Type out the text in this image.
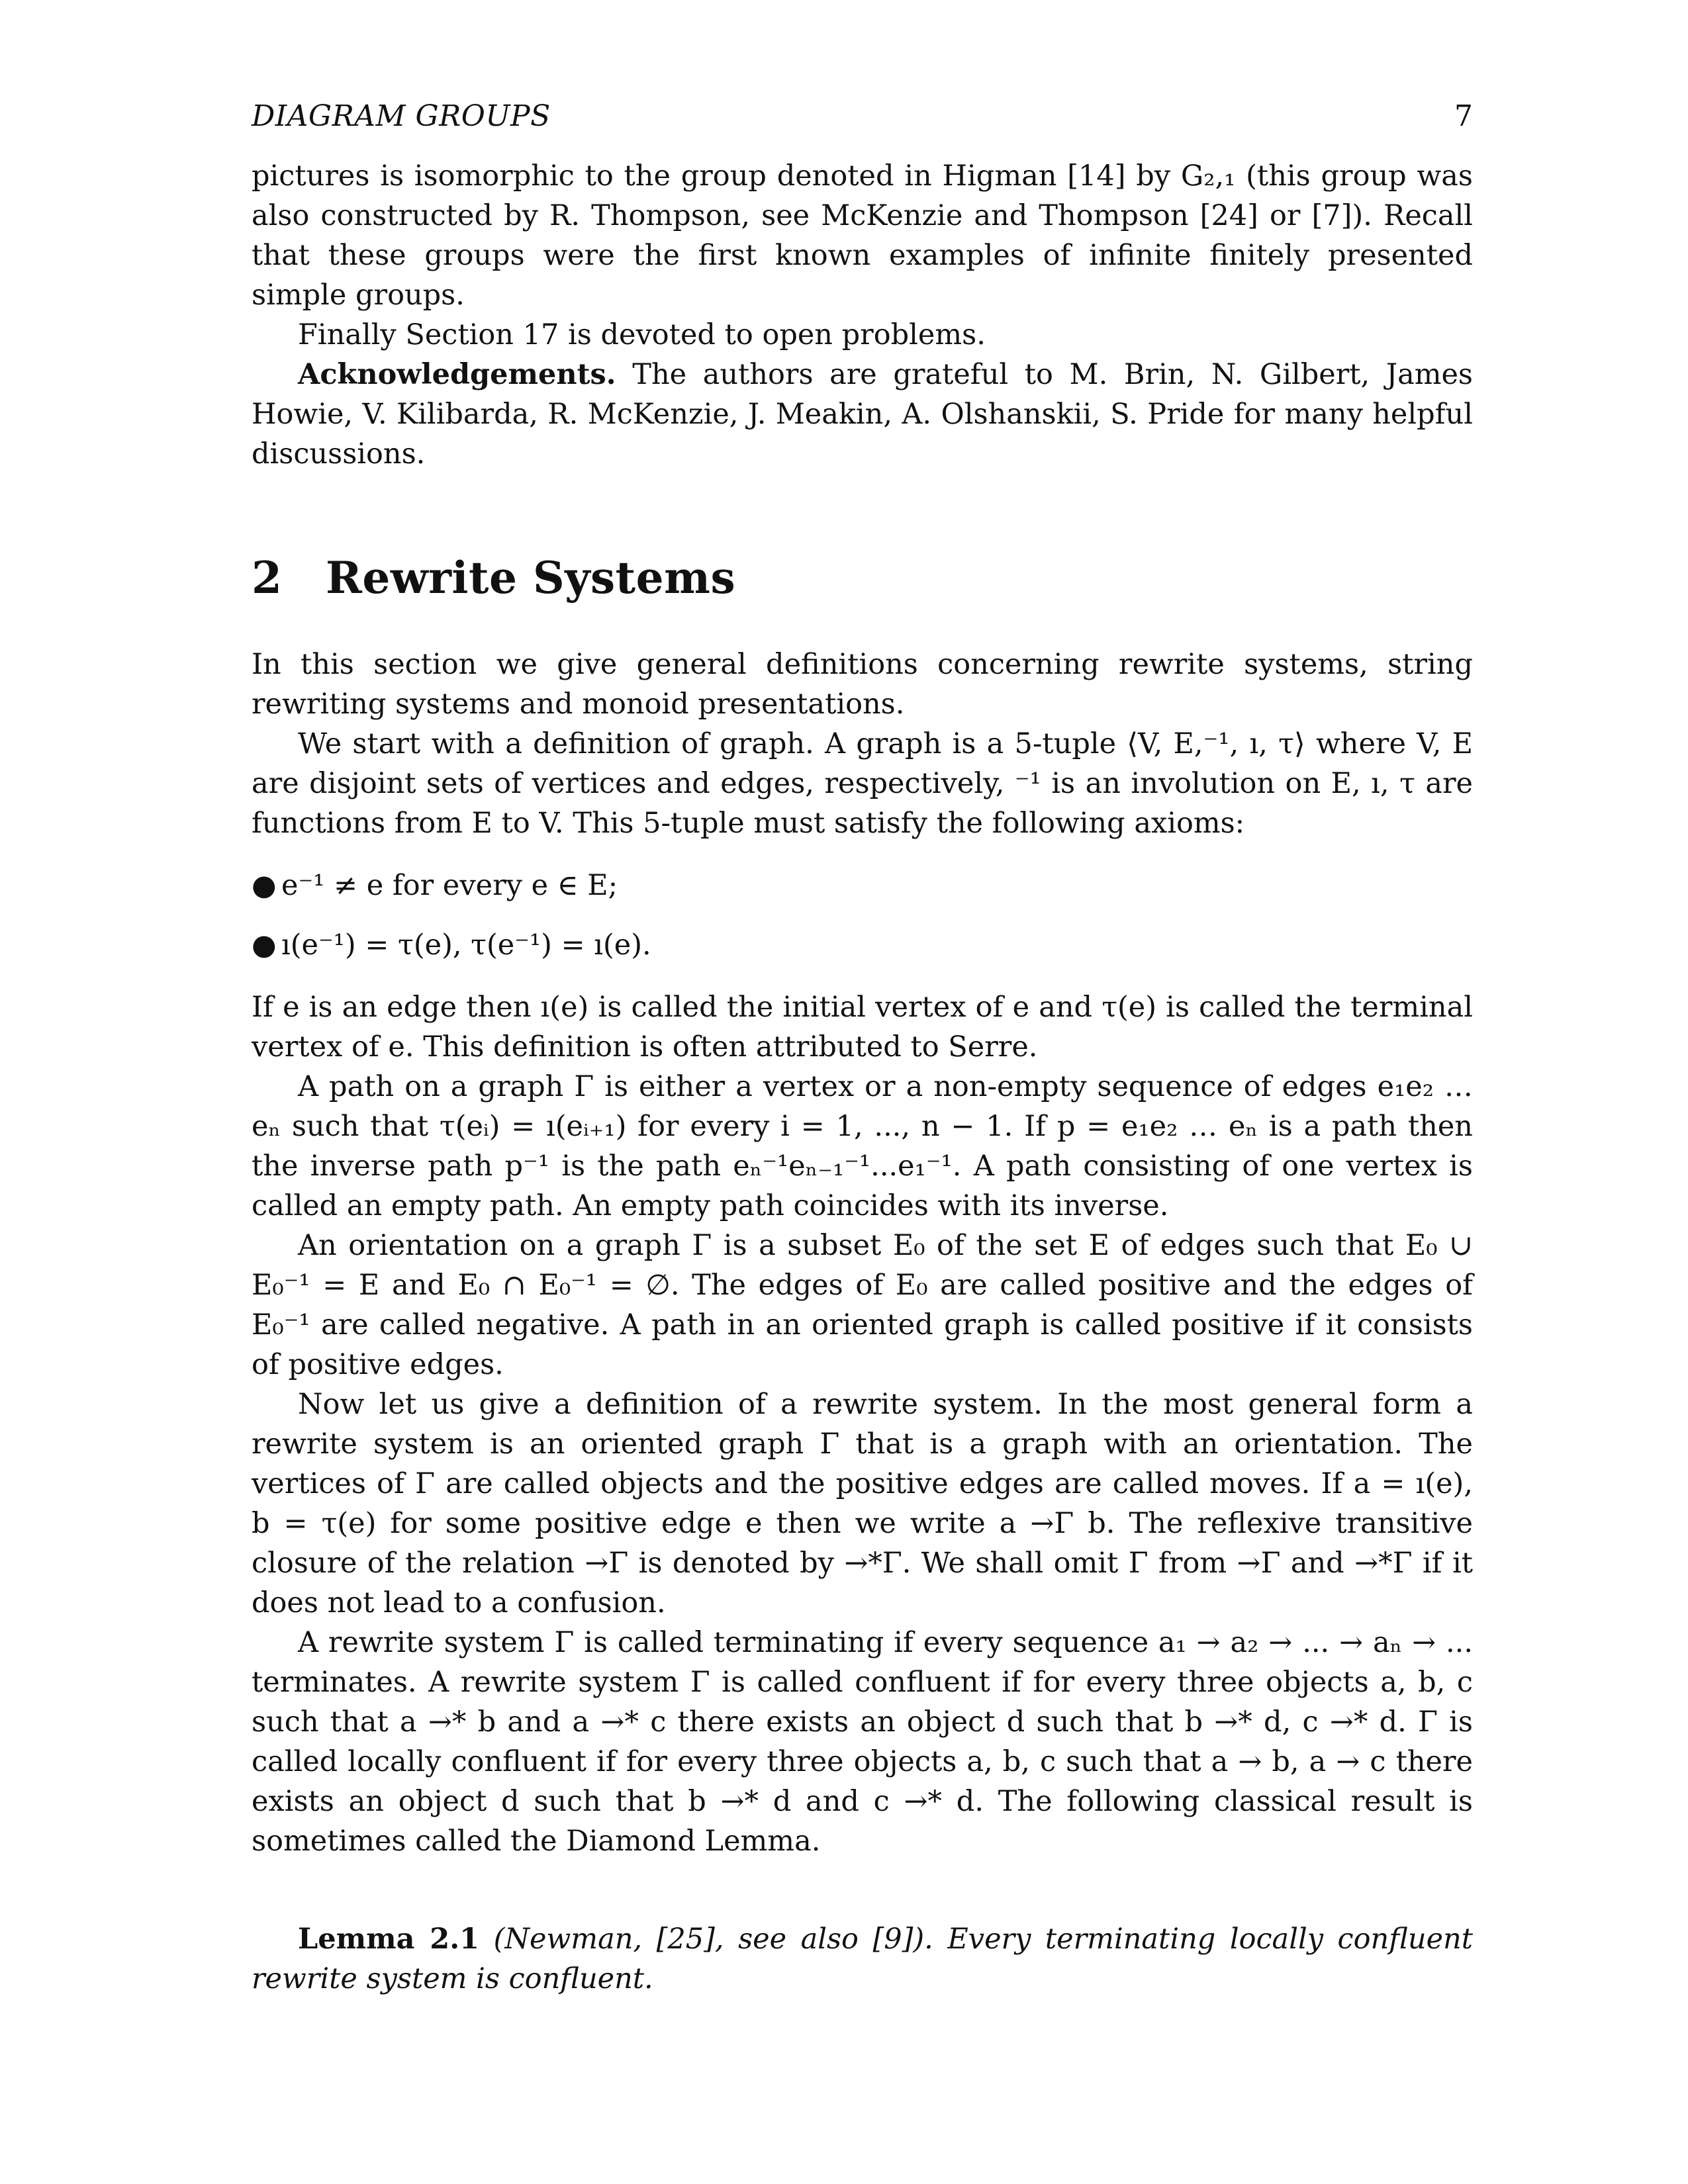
DIAGRAM GROUPS	7

pictures is isomorphic to the group denoted in Higman [14] by G₂,₁ (this group was also constructed by R. Thompson, see McKenzie and Thompson [24] or [7]). Recall that these groups were the first known examples of infinite finitely presented simple groups.

Finally Section 17 is devoted to open problems.

Acknowledgements. The authors are grateful to M. Brin, N. Gilbert, James Howie, V. Kilibarda, R. McKenzie, J. Meakin, A. Olshanskii, S. Pride for many helpful discussions.

2 Rewrite Systems

In this section we give general definitions concerning rewrite systems, string rewriting systems and monoid presentations.

We start with a definition of graph. A graph is a 5-tuple ⟨V, E,⁻¹, ı, τ⟩ where V, E are disjoint sets of vertices and edges, respectively, ⁻¹ is an involution on E, ı, τ are functions from E to V. This 5-tuple must satisfy the following axioms:

● e⁻¹ ≠ e for every e ∈ E;
● ı(e⁻¹) = τ(e), τ(e⁻¹) = ı(e).

If e is an edge then ı(e) is called the initial vertex of e and τ(e) is called the terminal vertex of e. This definition is often attributed to Serre.

A path on a graph Γ is either a vertex or a non-empty sequence of edges e₁e₂ … eₙ such that τ(eᵢ) = ı(eᵢ₊₁) for every i = 1, ..., n − 1. If p = e₁e₂ … eₙ is a path then the inverse path p⁻¹ is the path eₙ⁻¹eₙ₋₁⁻¹...e₁⁻¹. A path consisting of one vertex is called an empty path. An empty path coincides with its inverse.

An orientation on a graph Γ is a subset E₀ of the set E of edges such that E₀ ∪ E₀⁻¹ = E and E₀ ∩ E₀⁻¹ = ∅. The edges of E₀ are called positive and the edges of E₀⁻¹ are called negative. A path in an oriented graph is called positive if it consists of positive edges.

Now let us give a definition of a rewrite system. In the most general form a rewrite system is an oriented graph Γ that is a graph with an orientation. The vertices of Γ are called objects and the positive edges are called moves. If a = ı(e), b = τ(e) for some positive edge e then we write a →Γ b. The reflexive transitive closure of the relation →Γ is denoted by →*Γ. We shall omit Γ from →Γ and →*Γ if it does not lead to a confusion.

A rewrite system Γ is called terminating if every sequence a₁ → a₂ → ... → aₙ → ... terminates. A rewrite system Γ is called confluent if for every three objects a, b, c such that a →* b and a →* c there exists an object d such that b →* d, c →* d. Γ is called locally confluent if for every three objects a, b, c such that a → b, a → c there exists an object d such that b →* d and c →* d. The following classical result is sometimes called the Diamond Lemma.

Lemma 2.1 (Newman, [25], see also [9]). Every terminating locally confluent rewrite system is confluent.
